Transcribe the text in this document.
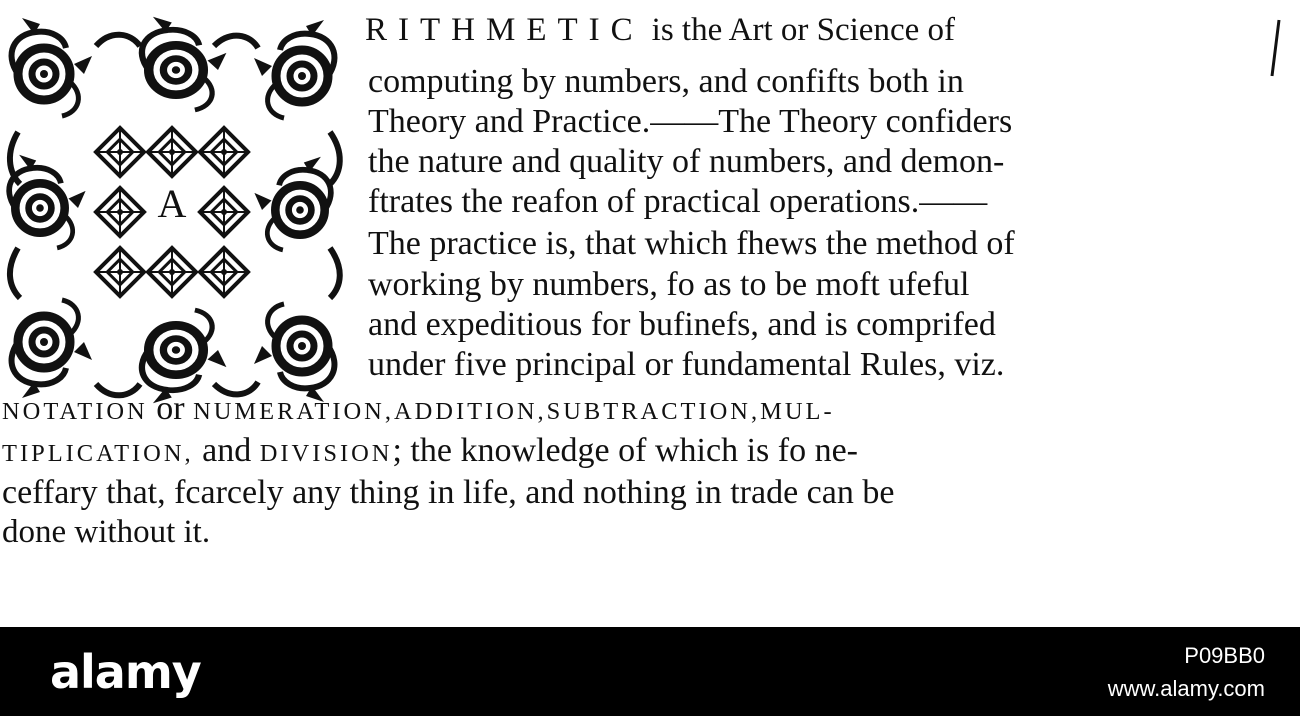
A
RITHMETIC is the Art or Science of
computing by numbers, and confifts both in
Theory and Practice.——The Theory confiders
the nature and quality of numbers, and demon-
ftrates the reafon of practical operations.——
The practice is, that which fhews the method of
working by numbers, fo as to be moft ufeful
and expeditious for bufinefs, and is comprifed
under five principal or fundamental Rules, viz.
NOTATION or NUMERATION,ADDITION,SUBTRACTION,MUL-
TIPLICATION, and DIVISION; the knowledge of which is fo ne-
ceffary that, fcarcely any thing in life, and nothing in trade can be
done without it.
alamy	P09BB0
www.alamy.com
